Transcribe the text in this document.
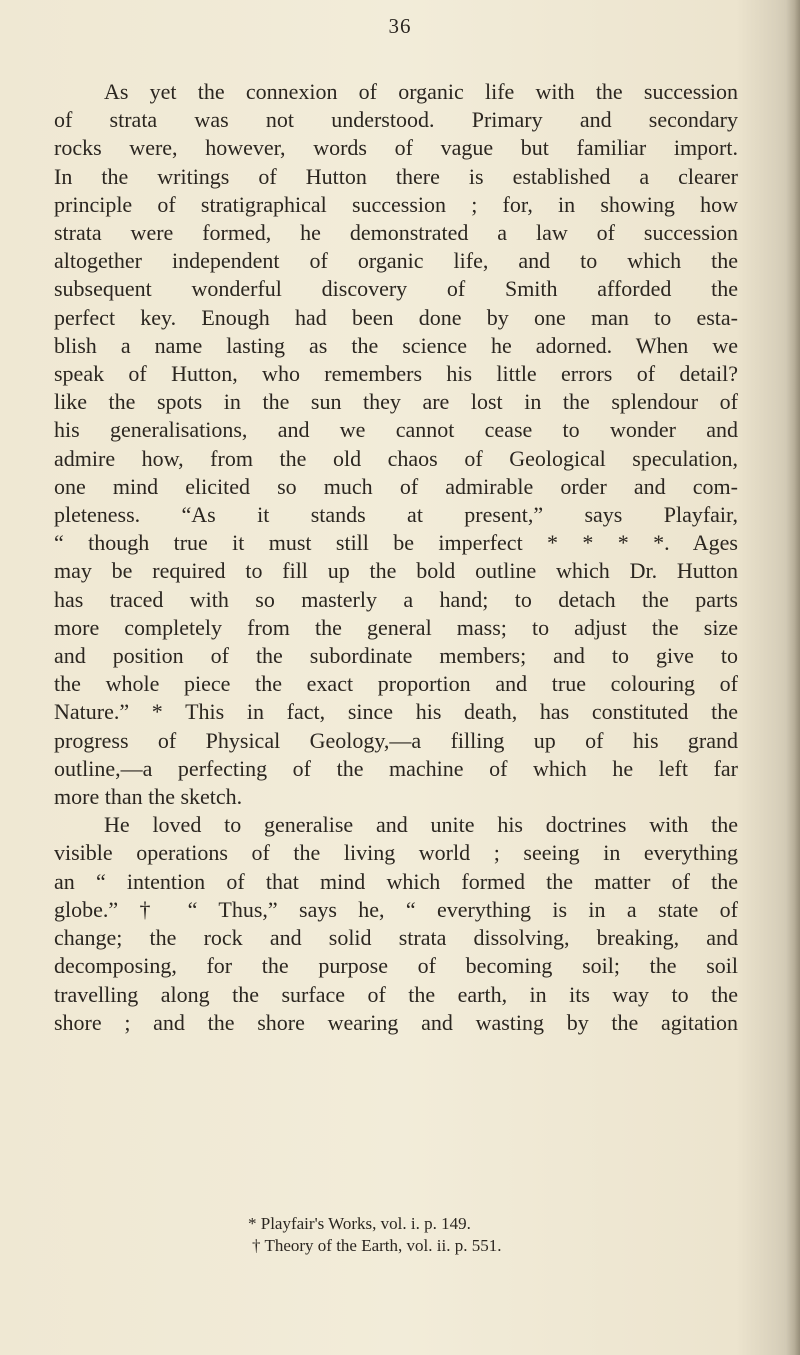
36

As yet the connexion of organic life with the succession
of strata was not understood. Primary and secondary
rocks were, however, words of vague but familiar import.
In the writings of Hutton there is established a clearer
principle of stratigraphical succession ; for, in showing how
strata were formed, he demonstrated a law of succession
altogether independent of organic life, and to which the
subsequent wonderful discovery of Smith afforded the
perfect key. Enough had been done by one man to esta-
blish a name lasting as the science he adorned. When we
speak of Hutton, who remembers his little errors of detail?
like the spots in the sun they are lost in the splendour of
his generalisations, and we cannot cease to wonder and
admire how, from the old chaos of Geological speculation,
one mind elicited so much of admirable order and com-
pleteness. “As it stands at present,” says Playfair,
“ though true it must still be imperfect * * * *. Ages
may be required to fill up the bold outline which Dr. Hutton
has traced with so masterly a hand; to detach the parts
more completely from the general mass; to adjust the size
and position of the subordinate members; and to give to
the whole piece the exact proportion and true colouring of
Nature.” * This in fact, since his death, has constituted the
progress of Physical Geology,—a filling up of his grand
outline,—a perfecting of the machine of which he left far
more than the sketch.

He loved to generalise and unite his doctrines with the
visible operations of the living world ; seeing in everything
an “ intention of that mind which formed the matter of the
globe.” † “ Thus,” says he, “ everything is in a state of
change; the rock and solid strata dissolving, breaking, and
decomposing, for the purpose of becoming soil; the soil
travelling along the surface of the earth, in its way to the
shore ; and the shore wearing and wasting by the agitation

* Playfair's Works, vol. i. p. 149.
† Theory of the Earth, vol. ii. p. 551.
